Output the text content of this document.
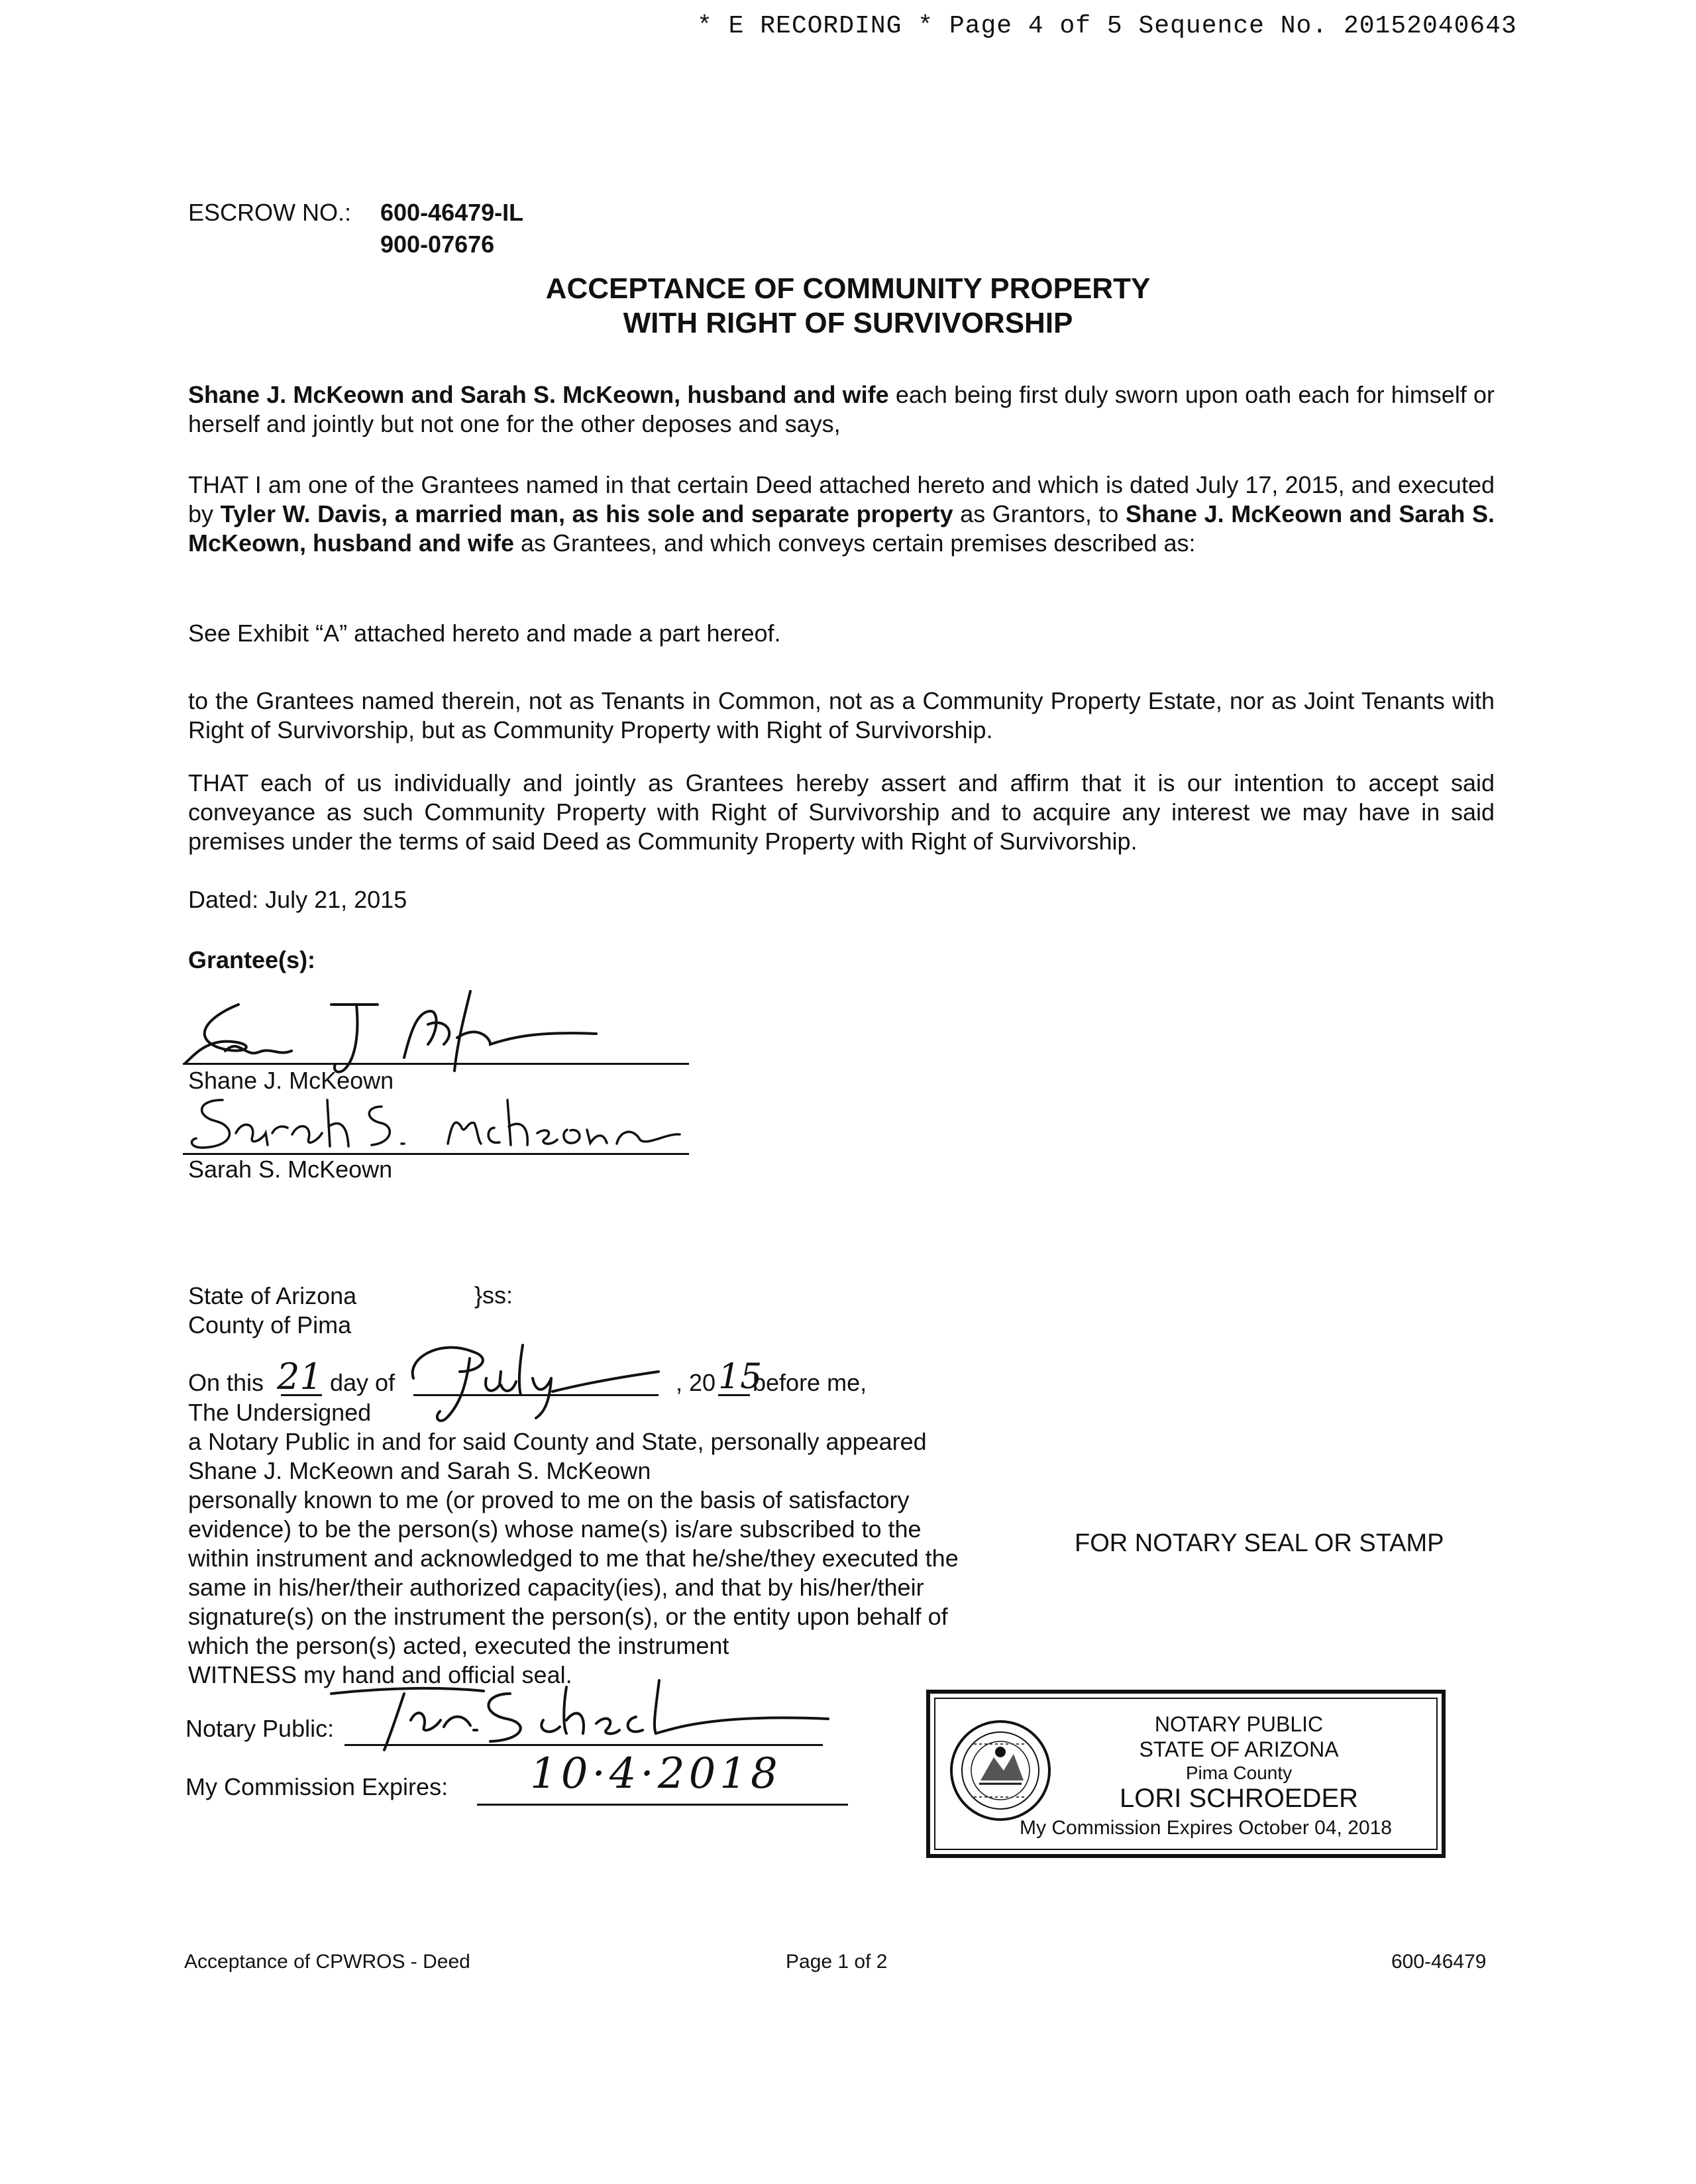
* E RECORDING * Page 4 of 5 Sequence No. 20152040643
ESCROW NO.: 600-46479-IL
900-07676
ACCEPTANCE OF COMMUNITY PROPERTY
WITH RIGHT OF SURVIVORSHIP
Shane J. McKeown and Sarah S. McKeown, husband and wife each being first duly sworn upon oath each for himself or herself and jointly but not one for the other deposes and says,
THAT I am one of the Grantees named in that certain Deed attached hereto and which is dated July 17, 2015, and executed by Tyler W. Davis, a married man, as his sole and separate property as Grantors, to Shane J. McKeown and Sarah S. McKeown, husband and wife as Grantees, and which conveys certain premises described as:
See Exhibit “A” attached hereto and made a part hereof.
to the Grantees named therein, not as Tenants in Common, not as a Community Property Estate, nor as Joint Tenants with Right of Survivorship, but as Community Property with Right of Survivorship.
THAT each of us individually and jointly as Grantees hereby assert and affirm that it is our intention to accept said conveyance as such Community Property with Right of Survivorship and to acquire any interest we may have in said premises under the terms of said Deed as Community Property with Right of Survivorship.
Dated: July 21, 2015
Grantee(s):
Shane J. McKeown
Sarah S. McKeown
State of Arizona
County of Pima
}ss:
On this 21 day of	, 20 15
before me,
The Undersigned
a Notary Public in and for said County and State, personally appeared
Shane J. McKeown and Sarah S. McKeown
personally known to me (or proved to me on the basis of satisfactory
evidence) to be the person(s) whose name(s) is/are subscribed to the
within instrument and acknowledged to me that he/she/they executed the
same in his/her/their authorized capacity(ies), and that by his/her/their
signature(s) on the instrument the person(s), or the entity upon behalf of
which the person(s) acted, executed the instrument
WITNESS my hand and official seal.
FOR NOTARY SEAL OR STAMP
Notary Public:
My Commission Expires: 10·4·2018
NOTARY PUBLIC
STATE OF ARIZONA
Pima County
LORI SCHROEDER
My Commission Expires October 04, 2018
Acceptance of CPWROS - Deed	Page 1 of 2	600-46479
